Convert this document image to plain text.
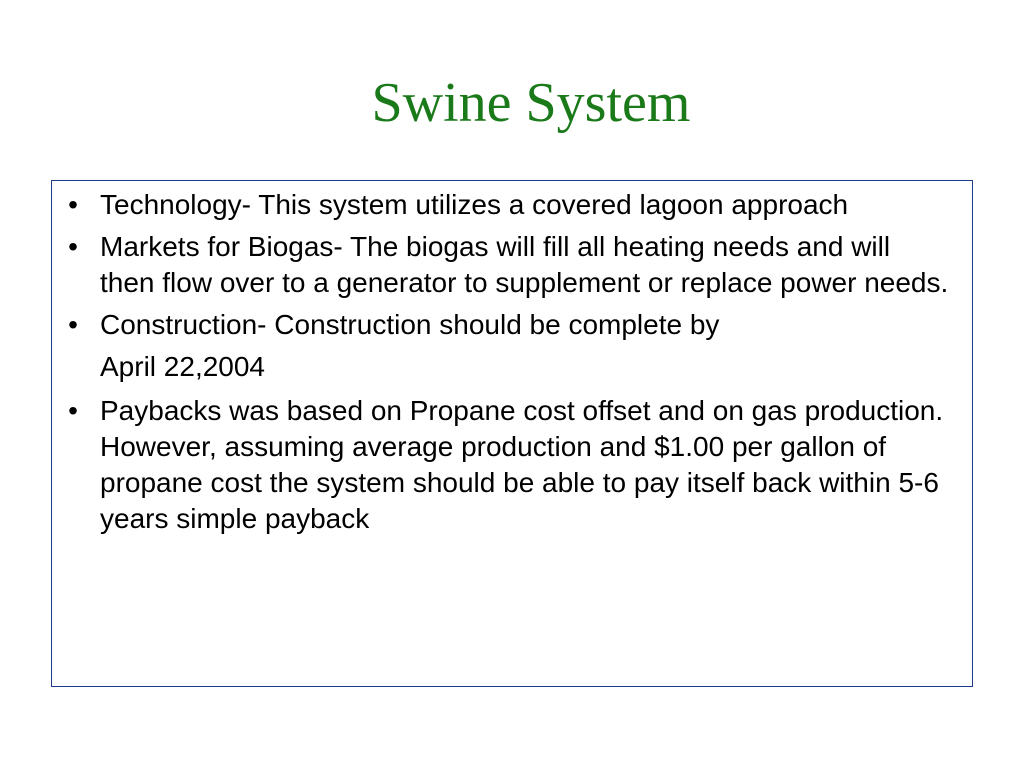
Swine System
• Technology- This system utilizes a covered lagoon approach
• Markets for Biogas- The biogas will fill all heating needs and will then flow over to a generator to supplement or replace power needs.
• Construction- Construction should be complete by
April 22,2004
• Paybacks was based on Propane cost offset and on gas production. However, assuming average production and $1.00 per gallon of propane cost the system should be able to pay itself back within 5-6 years simple payback
